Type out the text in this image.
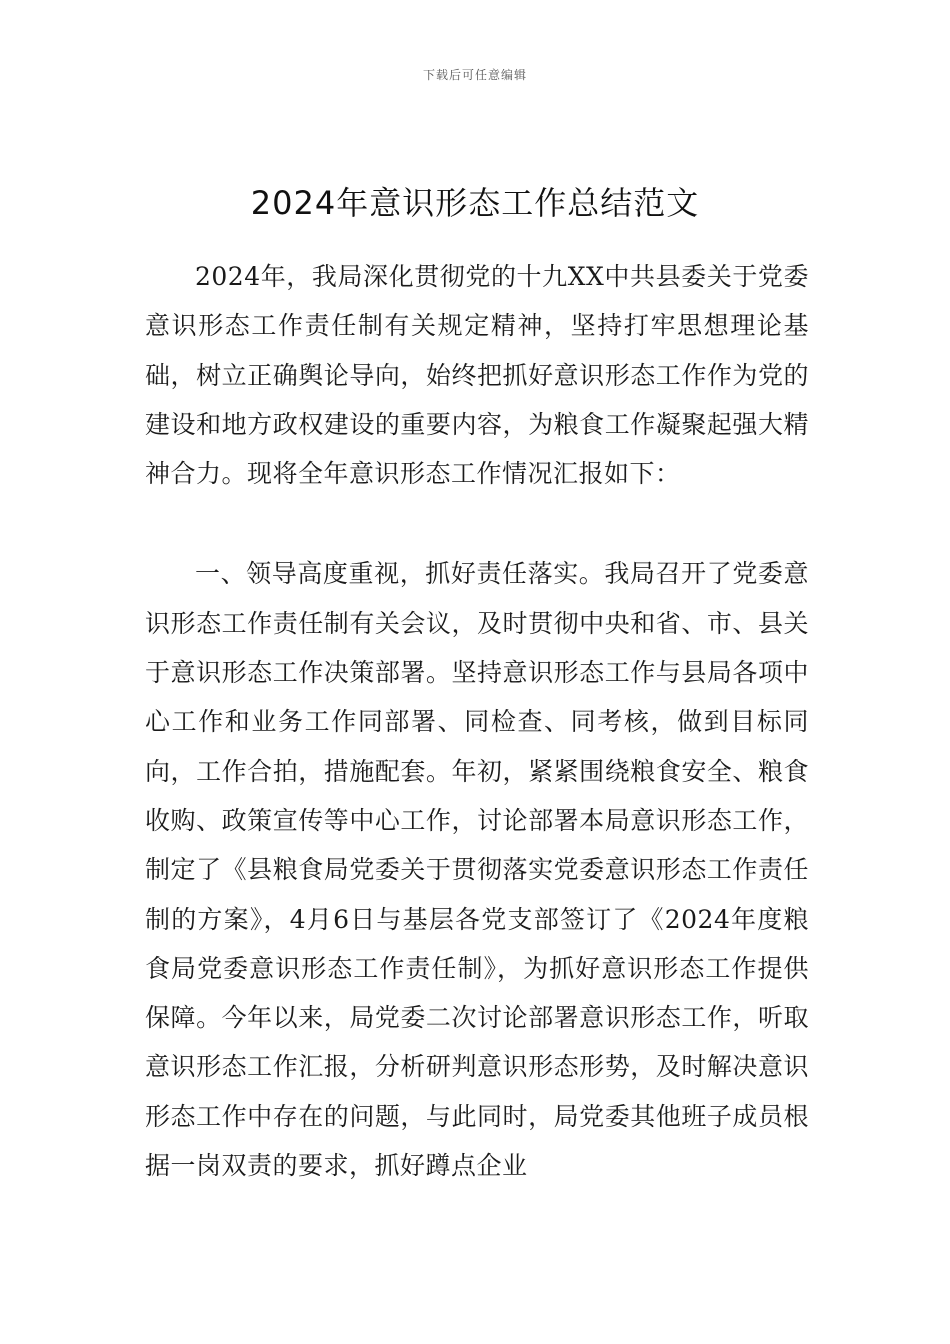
下载后可任意编辑
2024年意识形态工作总结范文

2024年，我局深化贯彻党的十九XX中共县委关于党委意识形态工作责任制有关规定精神，坚持打牢思想理论基础，树立正确舆论导向，始终把抓好意识形态工作作为党的建设和地方政权建设的重要内容，为粮食工作凝聚起强大精神合力。现将全年意识形态工作情况汇报如下：

一、领导高度重视，抓好责任落实。我局召开了党委意识形态工作责任制有关会议，及时贯彻中央和省、市、县关于意识形态工作决策部署。坚持意识形态工作与县局各项中心工作和业务工作同部署、同检查、同考核，做到目标同向，工作合拍，措施配套。年初，紧紧围绕粮食安全、粮食收购、政策宣传等中心工作，讨论部署本局意识形态工作，制定了《县粮食局党委关于贯彻落实党委意识形态工作责任制的方案》，4月6日与基层各党支部签订了《2024年度粮食局党委意识形态工作责任制》，为抓好意识形态工作提供保障。今年以来，局党委二次讨论部署意识形态工作，听取意识形态工作汇报，分析研判意识形态形势，及时解决意识形态工作中存在的问题，与此同时，局党委其他班子成员根据一岗双责的要求，抓好蹲点企业
